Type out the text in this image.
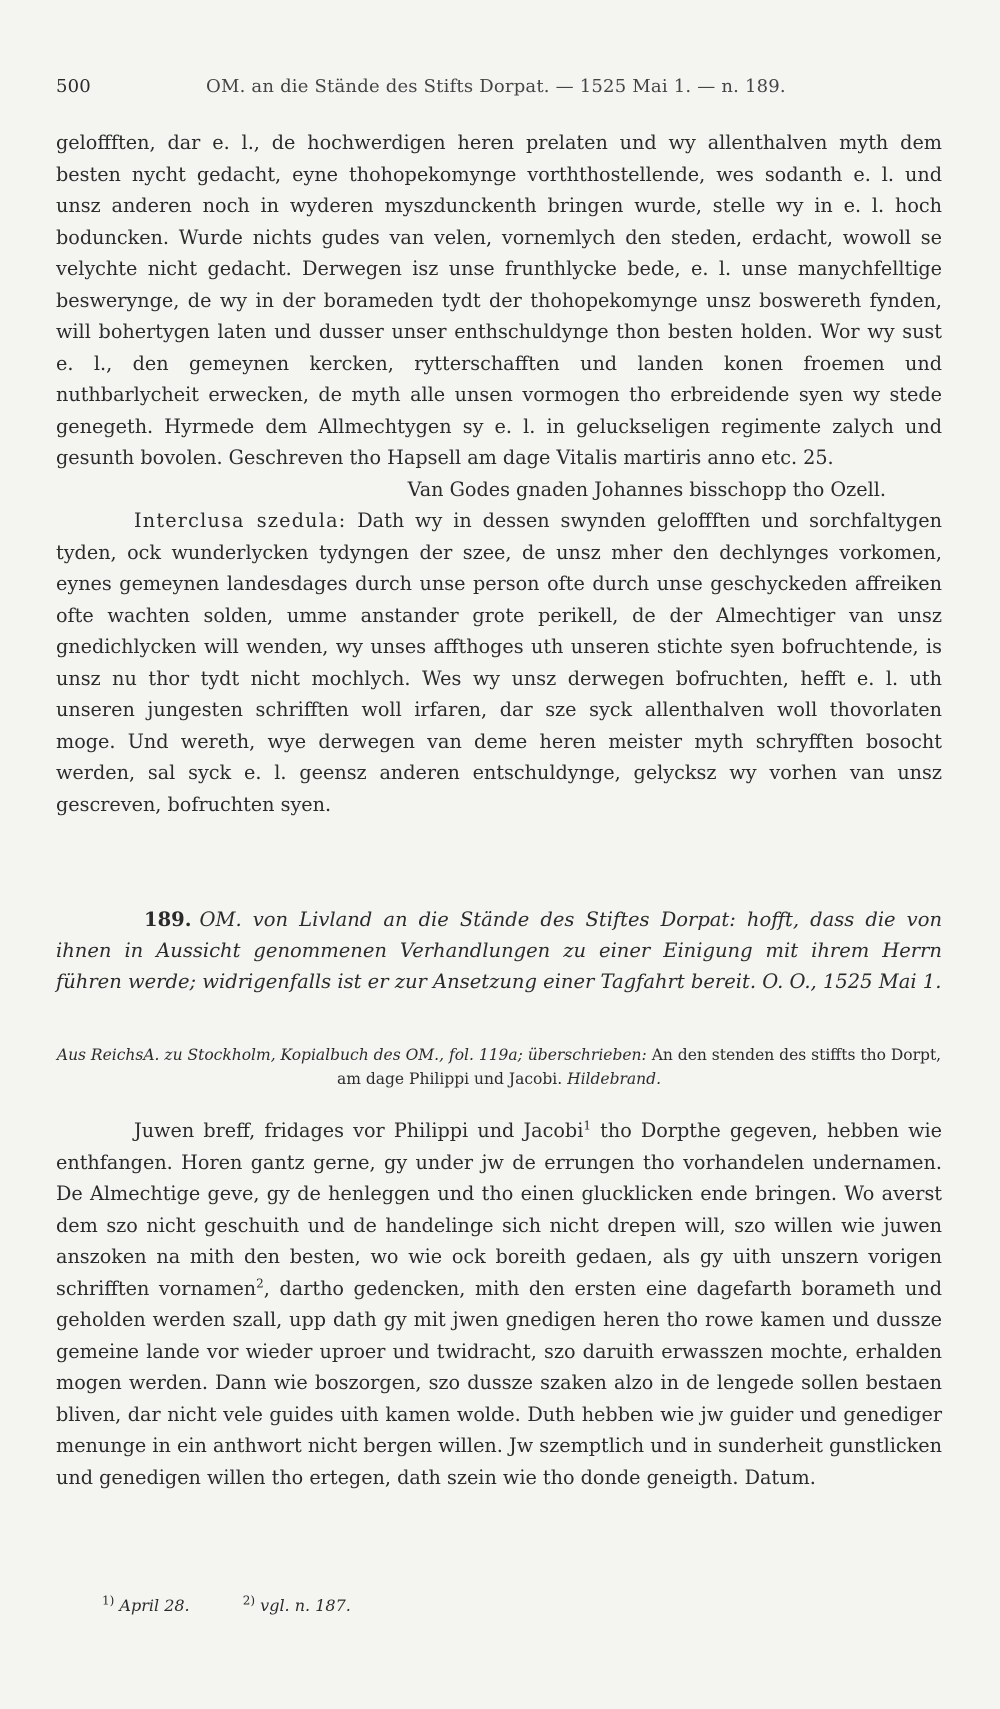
500	OM. an die Stände des Stifts Dorpat. — 1525 Mai 1. — n. 189.

geloffften, dar e. l., de hochwerdigen heren prelaten und wy allenthalven myth dem besten nycht gedacht, eyne thohopekomynge vorththostellende, wes sodanth e. l. und unsz anderen noch in wyderen myszdunckenth bringen wurde, stelle wy in e. l. hoch boduncken. Wurde nichts gudes van velen, vornemlych den steden, erdacht, wowoll se velychte nicht gedacht. Derwegen isz unse frunthlycke bede, e. l. unse manychfelltige beswerynge, de wy in der borameden tydt der thohopekomynge unsz boswereth fynden, will bohertygen laten und dusser unser enthschuldynge thon besten holden. Wor wy sust e. l., den gemeynen kercken, rytterschafften und landen konen froemen und nuthbarlycheit erwecken, de myth alle unsen vormogen tho erbreidende syen wy stede genegeth. Hyrmede dem Allmechtygen sy e. l. in geluckseligen regimente zalych und gesunth bovolen. Geschreven tho Hapsell am dage Vitalis martiris anno etc. 25.

Van Godes gnaden Johannes bisschopp tho Ozell.

Interclusa szedula: Dath wy in dessen swynden geloffften und sorchfaltygen tyden, ock wunderlycken tydyngen der szee, de unsz mher den dechlynges vorkomen, eynes gemeynen landesdages durch unse person ofte durch unse geschyckeden affreiken ofte wachten solden, umme anstander grote perikell, de der Almechtiger van unsz gnedichlycken will wenden, wy unses affthoges uth unseren stichte syen bofruchtende, is unsz nu thor tydt nicht mochlych. Wes wy unsz derwegen bofruchten, hefft e. l. uth unseren jungesten schrifften woll irfaren, dar sze syck allenthalven woll thovorlaten moge. Und wereth, wye derwegen van deme heren meister myth schryfften bosocht werden, sal syck e. l. geensz anderen entschuldynge, gelycksz wy vorhen van unsz gescreven, bofruchten syen.

189. OM. von Livland an die Stände des Stiftes Dorpat: hofft, dass die von ihnen in Aussicht genommenen Verhandlungen zu einer Einigung mit ihrem Herrn führen werde; widrigenfalls ist er zur Ansetzung einer Tagfahrt bereit. O. O., 1525 Mai 1.
Aus ReichsA. zu Stockholm, Kopialbuch des OM., fol. 119a; überschrieben: An den stenden des stiffts tho Dorpt, am dage Philippi und Jacobi. Hildebrand.

Juwen breff, fridages vor Philippi und Jacobi$^1$ tho Dorpthe gegeven, hebben wie enthfangen. Horen gantz gerne, gy under jw de errungen tho vorhandelen undernamen. De Almechtige geve, gy de henleggen und tho einen glucklicken ende bringen. Wo averst dem szo nicht geschuith und de handelinge sich nicht drepen will, szo willen wie juwen anszoken na mith den besten, wo wie ock boreith gedaen, als gy uith unszern vorigen schrifften vornamen$^2$, dartho gedencken, mith den ersten eine dagefarth borameth und geholden werden szall, upp dath gy mit jwen gnedigen heren tho rowe kamen und dussze gemeine lande vor wieder uproer und twidracht, szo daruith erwasszen mochte, erhalden mogen werden. Dann wie boszorgen, szo dussze szaken alzo in de lengede sollen bestaen bliven, dar nicht vele guides uith kamen wolde. Duth hebben wie jw guider und genediger menunge in ein anthwort nicht bergen willen. Jw szemptlich und in sunderheit gunstlicken und genedigen willen tho ertegen, dath szein wie tho donde geneigth. Datum.

$^{1)}$ April 28.	$^{2)}$ vgl. n. 187.
